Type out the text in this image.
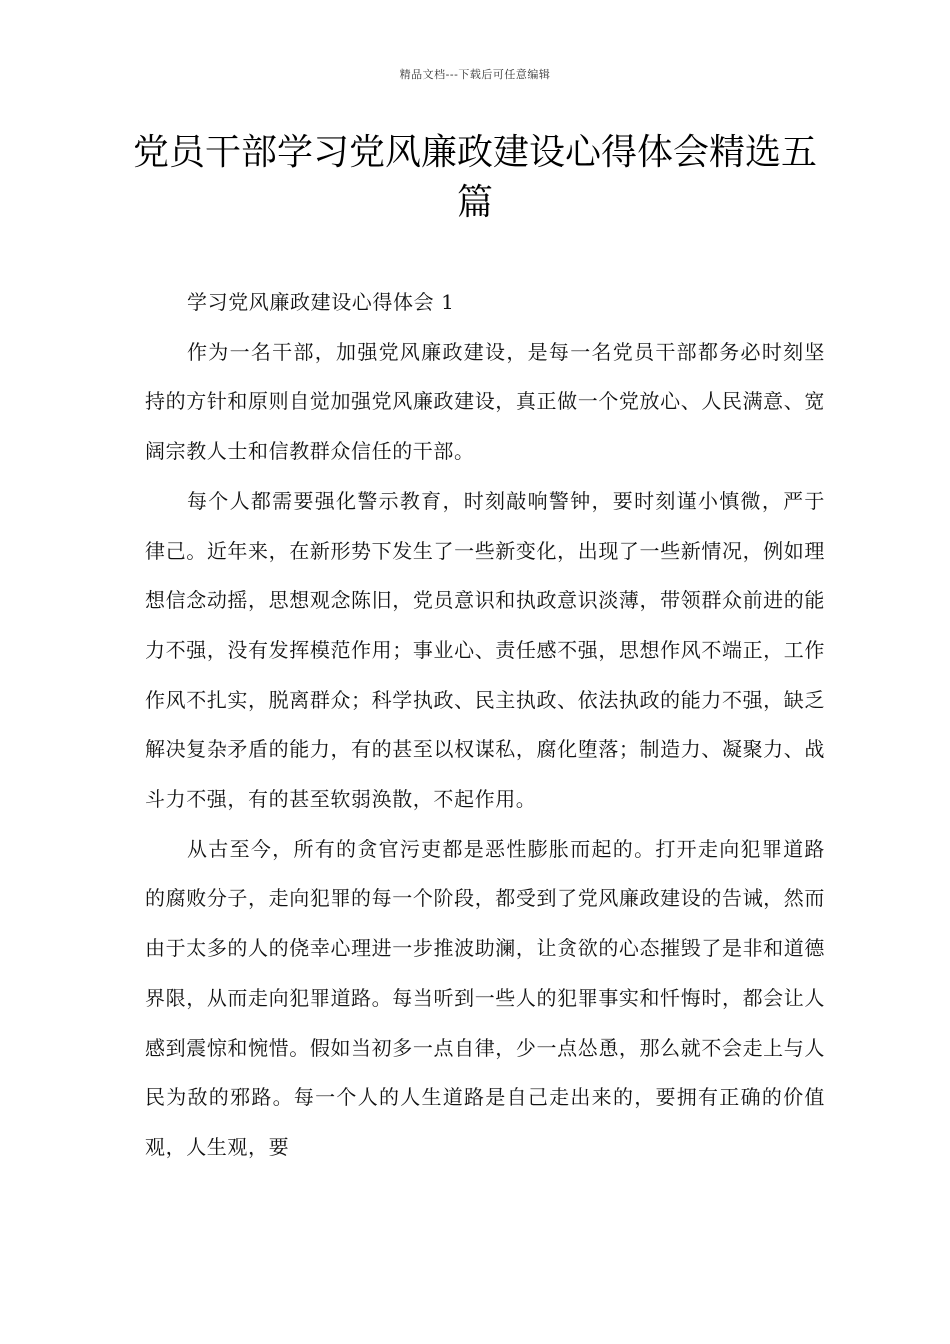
精品文档---下载后可任意编辑
党员干部学习党风廉政建设心得体会精选五篇

学习党风廉政建设心得体会 1

作为一名干部，加强党风廉政建设，是每一名党员干部都务必时刻坚持的方针和原则自觉加强党风廉政建设，真正做一个党放心、人民满意、宽阔宗教人士和信教群众信任的干部。

每个人都需要强化警示教育，时刻敲响警钟，要时刻谨小慎微，严于律己。近年来，在新形势下发生了一些新变化，出现了一些新情况，例如理想信念动摇，思想观念陈旧，党员意识和执政意识淡薄，带领群众前进的能力不强，没有发挥模范作用；事业心、责任感不强，思想作风不端正，工作作风不扎实，脱离群众；科学执政、民主执政、依法执政的能力不强，缺乏解决复杂矛盾的能力，有的甚至以权谋私，腐化堕落；制造力、凝聚力、战斗力不强，有的甚至软弱涣散，不起作用。

从古至今，所有的贪官污吏都是恶性膨胀而起的。打开走向犯罪道路的腐败分子，走向犯罪的每一个阶段，都受到了党风廉政建设的告诫，然而由于太多的人的侥幸心理进一步推波助澜，让贪欲的心态摧毁了是非和道德界限，从而走向犯罪道路。每当听到一些人的犯罪事实和忏悔时，都会让人感到震惊和惋惜。假如当初多一点自律，少一点怂恿，那么就不会走上与人民为敌的邪路。每一个人的人生道路是自己走出来的，要拥有正确的价值观，人生观，要
